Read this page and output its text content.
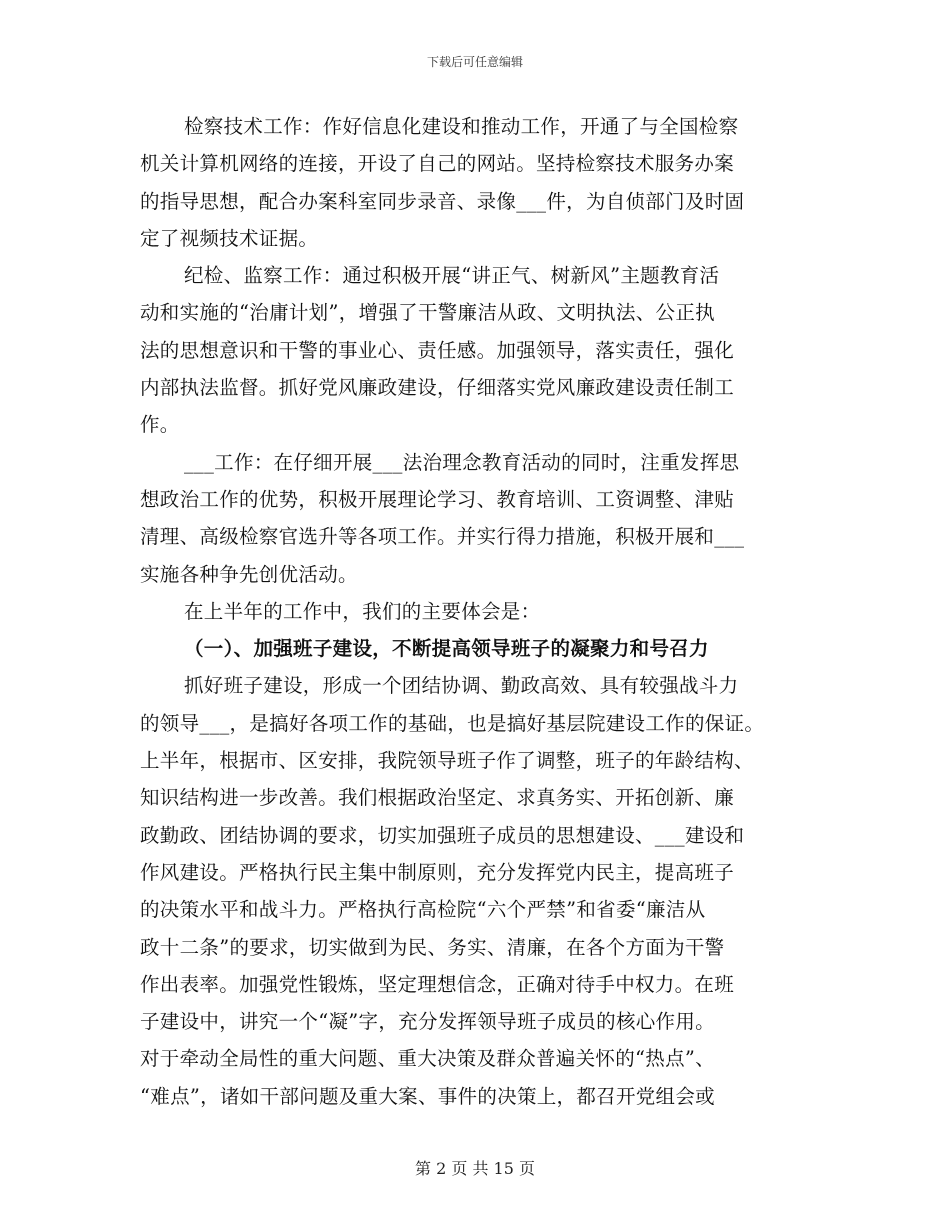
下载后可任意编辑
检察技术工作：作好信息化建设和推动工作，开通了与全国检察
机关计算机网络的连接，开设了自己的网站。坚持检察技术服务办案
的指导思想，配合办案科室同步录音、录像___件，为自侦部门及时固
定了视频技术证据。
纪检、监察工作：通过积极开展“讲正气、树新风”主题教育活
动和实施的“治庸计划”，增强了干警廉洁从政、文明执法、公正执
法的思想意识和干警的事业心、责任感。加强领导，落实责任，强化
内部执法监督。抓好党风廉政建设，仔细落实党风廉政建设责任制工
作。
___工作：在仔细开展___法治理念教育活动的同时，注重发挥思
想政治工作的优势，积极开展理论学习、教育培训、工资调整、津贴
清理、高级检察官选升等各项工作。并实行得力措施，积极开展和___
实施各种争先创优活动。
在上半年的工作中，我们的主要体会是：
（一）、加强班子建设，不断提高领导班子的凝聚力和号召力
抓好班子建设，形成一个团结协调、勤政高效、具有较强战斗力
的领导___，是搞好各项工作的基础，也是搞好基层院建设工作的保证。
上半年，根据市、区安排，我院领导班子作了调整，班子的年龄结构、
知识结构进一步改善。我们根据政治坚定、求真务实、开拓创新、廉
政勤政、团结协调的要求，切实加强班子成员的思想建设、___建设和
作风建设。严格执行民主集中制原则，充分发挥党内民主，提高班子
的决策水平和战斗力。严格执行高检院“六个严禁”和省委“廉洁从
政十二条”的要求，切实做到为民、务实、清廉，在各个方面为干警
作出表率。加强党性锻炼，坚定理想信念，正确对待手中权力。在班
子建设中，讲究一个“凝”字，充分发挥领导班子成员的核心作用。
对于牵动全局性的重大问题、重大决策及群众普遍关怀的“热点”、
“难点”，诸如干部问题及重大案、事件的决策上，都召开党组会或
第 2 页 共 15 页
